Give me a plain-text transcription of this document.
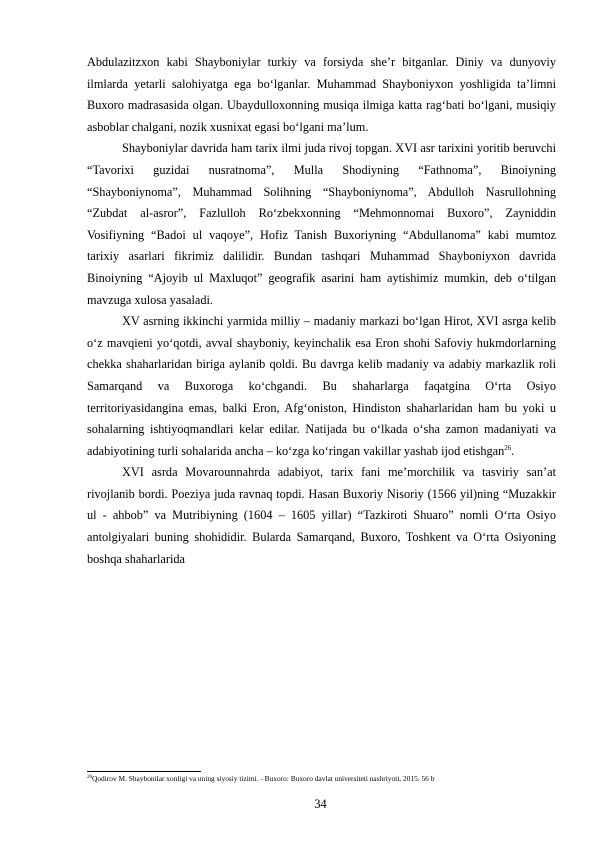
Abdulazitzxon kabi Shayboniylar turkiy va forsiyda she’r bitganlar. Diniy va dunyoviy ilmlarda yetarli salohiyatga ega bo‘lganlar. Muhammad Shayboniyxon yoshligida ta’limni Buxoro madrasasida olgan. Ubaydulloxonning musiqa ilmiga katta rag‘bati bo‘lgani, musiqiy asboblar chalgani, nozik xusnixat egasi bo‘lgani ma’lum.

Shayboniylar davrida ham tarix ilmi juda rivoj topgan. XVI asr tarixini yoritib beruvchi “Tavorixi guzidai nusratnoma”, Mulla Shodiyning “Fathnoma”, Binoiyning “Shayboniynoma”, Muhammad Solihning “Shayboniynoma”, Abdulloh Nasrullohning “Zubdat al-asror”, Fazlulloh Ro‘zbekxonning “Mehmonnomai Buxoro”, Zayniddin Vosifiyning “Badoi ul vaqoye”, Hofiz Tanish Buxoriyning “Abdullanoma” kabi mumtoz tarixiy asarlari fikrimiz dalilidir. Bundan tashqari Muhammad Shayboniyxon davrida Binoiyning “Ajoyib ul Maxluqot” geografik asarini ham aytishimiz mumkin, deb o‘tilgan mavzuga xulosa yasaladi.

XV asrning ikkinchi yarmida milliy – madaniy markazi bo‘lgan Hirot, XVI asrga kelib o‘z mavqieni yo‘qotdi, avval shayboniy, keyinchalik esa Eron shohi Safoviy hukmdorlarning chekka shaharlaridan biriga aylanib qoldi. Bu davrga kelib madaniy va adabiy markazlik roli Samarqand va Buxoroga ko‘chgandi. Bu shaharlarga faqatgina O‘rta Osiyo territoriyasidangina emas, balki Eron, Afg‘oniston, Hindiston shaharlaridan ham bu yoki u sohalarning ishtiyoqmandlari kelar edilar. Natijada bu o‘lkada o‘sha zamon madaniyati va adabiyotining turli sohalarida ancha – ko‘zga ko‘ringan vakillar yashab ijod etishgan$^{26}$.

XVI asrda Movarounnahrda adabiyot, tarix fani me’morchilik va tasviriy san’at rivojlanib bordi. Poeziya juda ravnaq topdi. Hasan Buxoriy Nisoriy (1566 yil)ning “Muzakkir ul - ahbob” va Mutribiyning (1604 – 1605 yillar) “Tazkiroti Shuaro” nomli O‘rta Osiyo antolgiyalari buning shohididir. Bularda Samarqand, Buxoro, Toshkent va O‘rta Osiyoning boshqa shaharlarida

$^{26}$Qodirov M. Shaybonilar xonligi va uning siyosiy tizimi. - Buxoro: Buxoro davlat universiteti nashriyoti, 2015. 56 b

34
